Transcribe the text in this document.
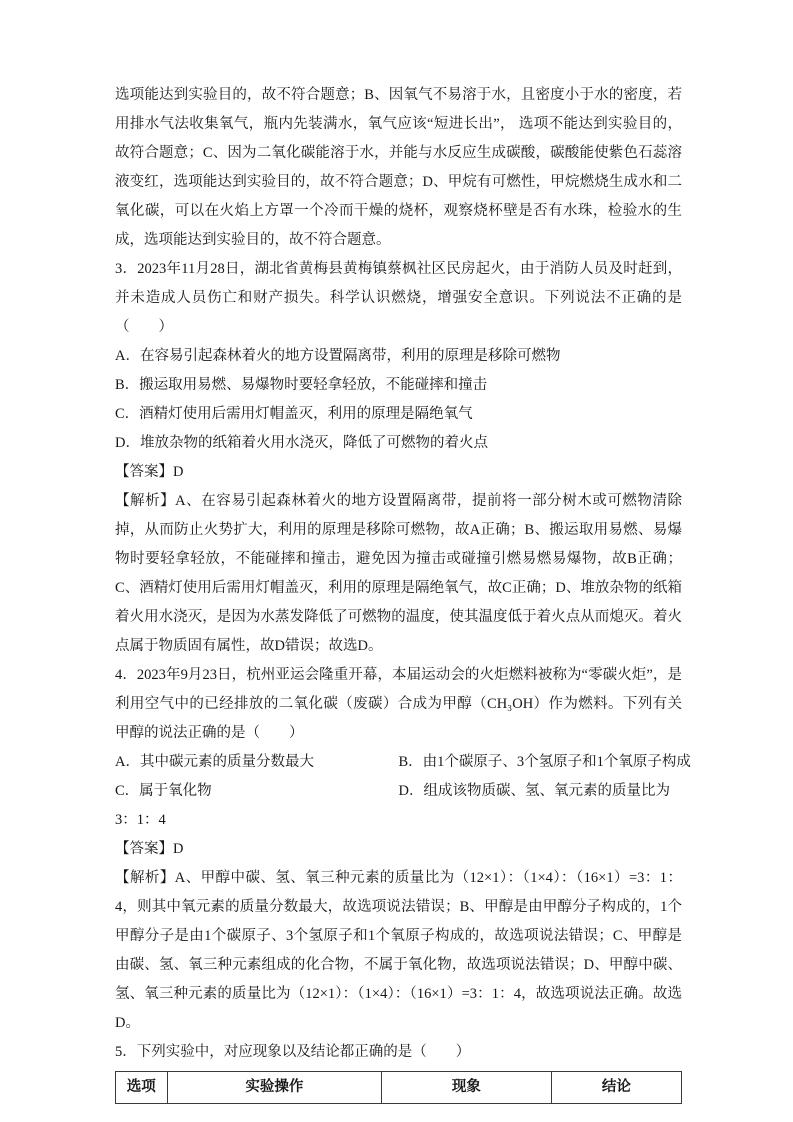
选项能达到实验目的，故不符合题意；B、因氧气不易溶于水，且密度小于水的密度，若用排水气法收集氧气，瓶内先装满水，氧气应该“短进长出”， 选项不能达到实验目的，故符合题意；C、因为二氧化碳能溶于水，并能与水反应生成碳酸，碳酸能使紫色石蕊溶液变红，选项能达到实验目的，故不符合题意；D、甲烷有可燃性，甲烷燃烧生成水和二氧化碳，可以在火焰上方罩一个冷而干燥的烧杯，观察烧杯壁是否有水珠，检验水的生成，选项能达到实验目的，故不符合题意。

3．2023年11月28日，湖北省黄梅县黄梅镇蔡枫社区民房起火，由于消防人员及时赶到，并未造成人员伤亡和财产损失。科学认识燃烧，增强安全意识。下列说法不正确的是（　　）

A．在容易引起森林着火的地方设置隔离带，利用的原理是移除可燃物

B．搬运取用易燃、易爆物时要轻拿轻放，不能碰摔和撞击

C．酒精灯使用后需用灯帽盖灭，利用的原理是隔绝氧气

D．堆放杂物的纸箱着火用水浇灭，降低了可燃物的着火点

【答案】D

【解析】A、在容易引起森林着火的地方设置隔离带，提前将一部分树木或可燃物清除掉，从而防止火势扩大，利用的原理是移除可燃物，故A正确；B、搬运取用易燃、易爆物时要轻拿轻放，不能碰摔和撞击，避免因为撞击或碰撞引燃易燃易爆物，故B正确；C、酒精灯使用后需用灯帽盖灭，利用的原理是隔绝氧气，故C正确；D、堆放杂物的纸箱着火用水浇灭，是因为水蒸发降低了可燃物的温度，使其温度低于着火点从而熄灭。着火点属于物质固有属性，故D错误；故选D。

4．2023年9月23日，杭州亚运会隆重开幕，本届运动会的火炬燃料被称为“零碳火炬”，是利用空气中的已经排放的二氧化碳（废碳）合成为甲醇（CH₃OH）作为燃料。下列有关甲醇的说法正确的是（　　）

A．其中碳元素的质量分数最大	B．由1个碳原子、3个氢原子和1个氧原子构成
C．属于氧化物	D．组成该物质碳、氢、氧元素的质量比为

3：1：4

【答案】D

【解析】A、甲醇中碳、氢、氧三种元素的质量比为（12×1）：（1×4）：（16×1）=3：1：4，则其中氧元素的质量分数最大，故选项说法错误；B、甲醇是由甲醇分子构成的，1个甲醇分子是由1个碳原子、3个氢原子和1个氧原子构成的，故选项说法错误；C、甲醇是由碳、氢、氧三种元素组成的化合物，不属于氧化物，故选项说法错误；D、甲醇中碳、氢、氧三种元素的质量比为（12×1）：（1×4）：（16×1）=3：1：4，故选项说法正确。故选D。

5．下列实验中，对应现象以及结论都正确的是（　　）

选项	实验操作	现象	结论
